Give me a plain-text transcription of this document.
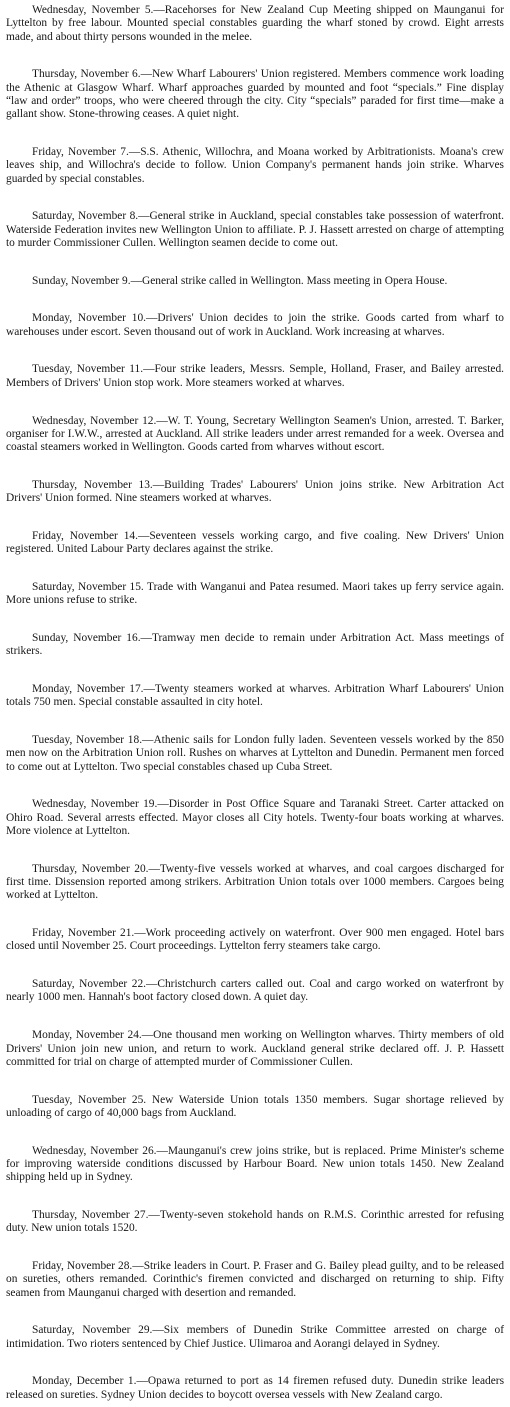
Wednesday, November 5.—Racehorses for New Zealand Cup Meeting shipped on Maunganui for Lyttelton by free labour. Mounted special constables guarding the wharf stoned by crowd. Eight arrests made, and about thirty persons wounded in the melee.

Thursday, November 6.—New Wharf Labourers' Union registered. Members commence work loading the Athenic at Glasgow Wharf. Wharf approaches guarded by mounted and foot “specials.” Fine display “law and order” troops, who were cheered through the city. City “specials” paraded for first time—make a gallant show. Stone-throwing ceases. A quiet night.

Friday, November 7.—S.S. Athenic, Willochra, and Moana worked by Arbitrationists. Moana's crew leaves ship, and Willochra's decide to follow. Union Company's permanent hands join strike. Wharves guarded by special constables.

Saturday, November 8.—General strike in Auckland, special constables take possession of waterfront. Waterside Federation invites new Wellington Union to affiliate. P. J. Hassett arrested on charge of attempting to murder Commissioner Cullen. Wellington seamen decide to come out.

Sunday, November 9.—General strike called in Wellington. Mass meeting in Opera House.

Monday, November 10.—Drivers' Union decides to join the strike. Goods carted from wharf to warehouses under escort. Seven thousand out of work in Auckland. Work increasing at wharves.

Tuesday, November 11.—Four strike leaders, Messrs. Semple, Holland, Fraser, and Bailey arrested. Members of Drivers' Union stop work. More steamers worked at wharves.

Wednesday, November 12.—W. T. Young, Secretary Wellington Seamen's Union, arrested. T. Barker, organiser for I.W.W., arrested at Auckland. All strike leaders under arrest remanded for a week. Oversea and coastal steamers worked in Wellington. Goods carted from wharves without escort.

Thursday, November 13.—Building Trades' Labourers' Union joins strike. New Arbitration Act Drivers' Union formed. Nine steamers worked at wharves.

Friday, November 14.—Seventeen vessels working cargo, and five coaling. New Drivers' Union registered. United Labour Party declares against the strike.

Saturday, November 15. Trade with Wanganui and Patea resumed. Maori takes up ferry service again. More unions refuse to strike.

Sunday, November 16.—Tramway men decide to remain under Arbitration Act. Mass meetings of strikers.

Monday, November 17.—Twenty steamers worked at wharves. Arbitration Wharf Labourers' Union totals 750 men. Special constable assaulted in city hotel.

Tuesday, November 18.—Athenic sails for London fully laden. Seventeen vessels worked by the 850 men now on the Arbitration Union roll. Rushes on wharves at Lyttelton and Dunedin. Permanent men forced to come out at Lyttelton. Two special constables chased up Cuba Street.

Wednesday, November 19.—Disorder in Post Office Square and Taranaki Street. Carter attacked on Ohiro Road. Several arrests effected. Mayor closes all City hotels. Twenty-four boats working at wharves. More violence at Lyttelton.

Thursday, November 20.—Twenty-five vessels worked at wharves, and coal cargoes discharged for first time. Dissension reported among strikers. Arbitration Union totals over 1000 members. Cargoes being worked at Lyttelton.

Friday, November 21.—Work proceeding actively on waterfront. Over 900 men engaged. Hotel bars closed until November 25. Court proceedings. Lyttelton ferry steamers take cargo.

Saturday, November 22.—Christchurch carters called out. Coal and cargo worked on waterfront by nearly 1000 men. Hannah's boot factory closed down. A quiet day.

Monday, November 24.—One thousand men working on Wellington wharves. Thirty members of old Drivers' Union join new union, and return to work. Auckland general strike declared off. J. P. Hassett committed for trial on charge of attempted murder of Commissioner Cullen.

Tuesday, November 25. New Waterside Union totals 1350 members. Sugar shortage relieved by unloading of cargo of 40,000 bags from Auckland.

Wednesday, November 26.—Maunganui's crew joins strike, but is replaced. Prime Minister's scheme for improving waterside conditions discussed by Harbour Board. New union totals 1450. New Zealand shipping held up in Sydney.

Thursday, November 27.—Twenty-seven stokehold hands on R.M.S. Corinthic arrested for refusing duty. New union totals 1520.

Friday, November 28.—Strike leaders in Court. P. Fraser and G. Bailey plead guilty, and to be released on sureties, others remanded. Corinthic's firemen convicted and discharged on returning to ship. Fifty seamen from Maunganui charged with desertion and remanded.

Saturday, November 29.—Six members of Dunedin Strike Committee arrested on charge of intimidation. Two rioters sentenced by Chief Justice. Ulimaroa and Aorangi delayed in Sydney.

Monday, December 1.—Opawa returned to port as 14 firemen refused duty. Dunedin strike leaders released on sureties. Sydney Union decides to boycott oversea vessels with New Zealand cargo.
